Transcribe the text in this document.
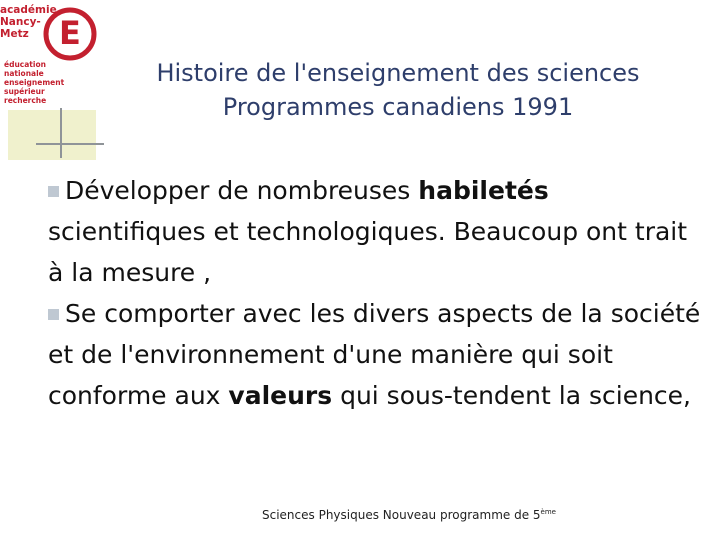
E
académie
Nancy-Metz
éducation
nationale
enseignement
supérieur
recherche
Histoire de l'enseignement des sciences
Programmes canadiens 1991

Développer de nombreuses habiletés scientifiques et technologiques. Beaucoup ont trait à la mesure ,

Se comporter avec les divers aspects de la société et de l'environnement d'une manière qui soit conforme aux valeurs qui sous-tendent la science,

Sciences Physiques Nouveau programme de 5ème
